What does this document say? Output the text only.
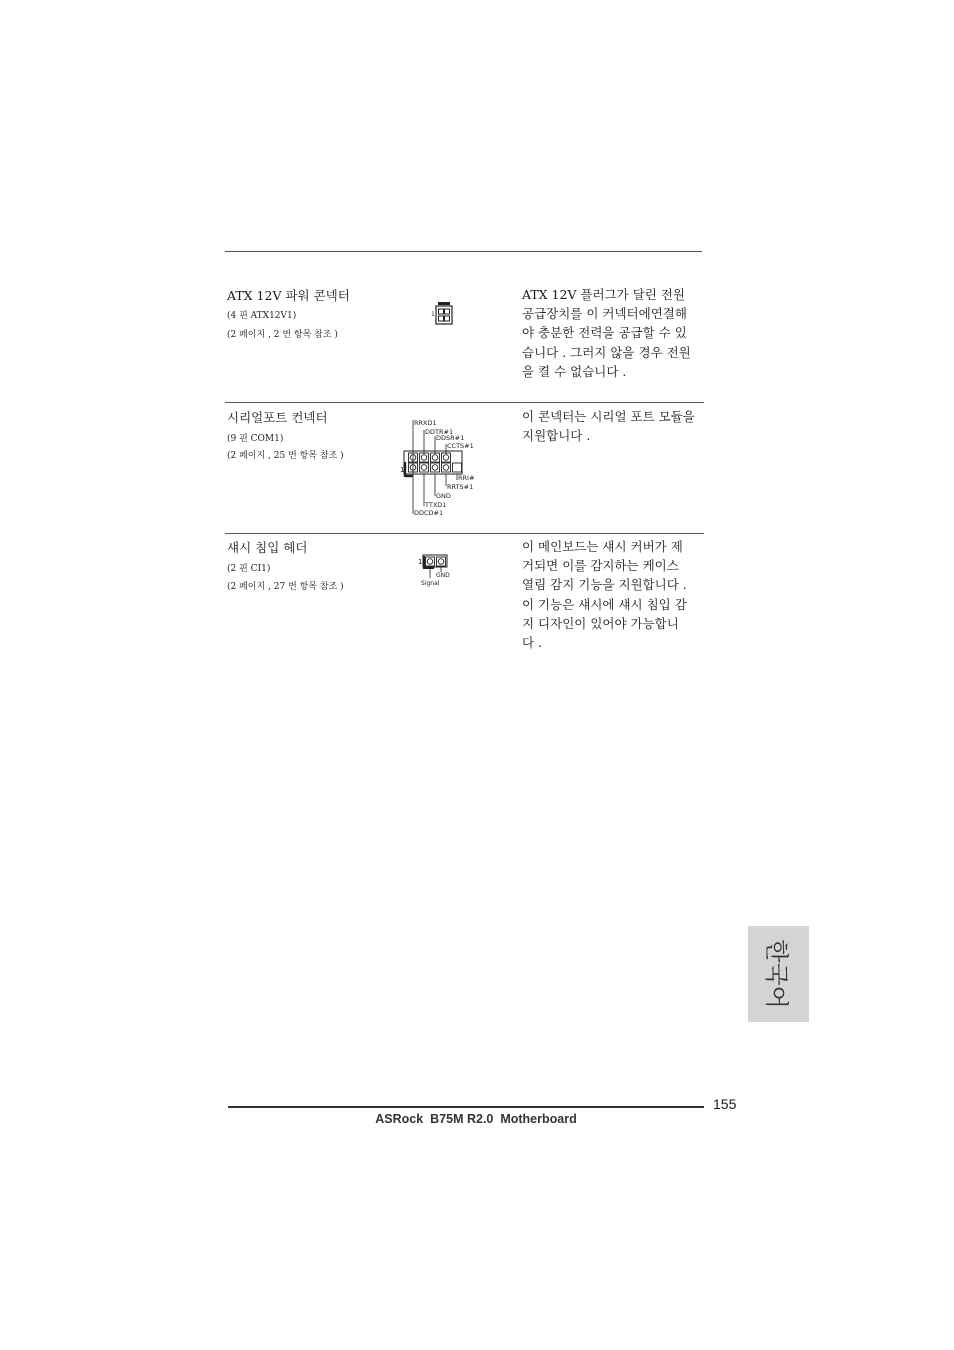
ATX 12V 파워 콘넥터
(4 핀 ATX12V1)
(2 페이지 , 2 번 항목 참조 )
1
ATX 12V 플러그가 달린 전원
공급장치를 이 커넥터에연결해
야 충분한 전력을 공급할 수 있
습니다 . 그러지 않을 경우 전원
을 켤 수 없습니다 .
시리얼포트 컨넥터
(9 핀 COM1)
(2 페이지 , 25 번 항목 참조 )
1
RRXD1
DDTR#1
DDSR#1
CCTS#1
RRI#
RRTS#1
GND
TTXD1
DDCD#1
이 콘넥터는 시리얼 포트 모듈을
지원합니다 .
섀시 침입 헤더
(2 핀 CI1)
(2 페이지 , 27 번 항목 참조 )
1
GND
Signal
이 메인보드는 섀시 커버가 제
거되면 이를 감지하는 케이스
열림 감지 기능을 지원합니다 .
이 기능은 섀시에 섀시 침입 감
지 디자인이 있어야 가능합니
다 .
한국어
155
ASRock  B75M R2.0  Motherboard
